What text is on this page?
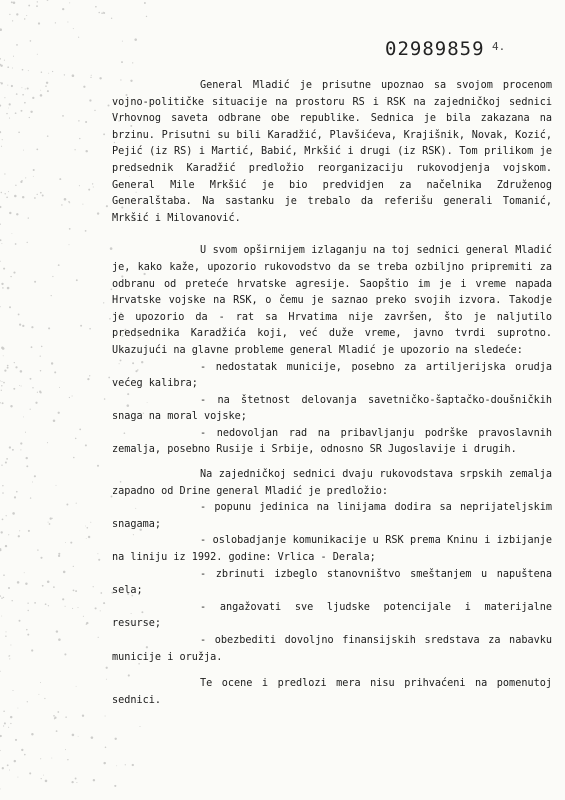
02989859 4.

General Mladić je prisutne upoznao sa svojom procenom vojno-političke situacije na prostoru RS i RSK na zajedničkoj sednici Vrhovnog saveta odbrane obe republike. Sednica je bila zakazana na brzinu. Prisutni su bili Karadžić, Plavšićeva, Krajišnik, Novak, Kozić, Pejić (iz RS) i Martić, Babić, Mrkšić i drugi (iz RSK). Tom prilikom je predsednik Karadžić predložio reorganizaciju rukovodjenja vojskom. General Mile Mrkšić je bio predvidjen za načelnika Združenog Generalštaba. Na sastanku je trebalo da referišu generali Tomanić, Mrkšić i Milovanović.

U svom opširnijem izlaganju na toj sednici general Mladić je, kako kaže, upozorio rukovodstvo da se treba ozbiljno pripremiti za odbranu od preteće hrvatske agresije. Saopštio im je i vreme napada Hrvatske vojske na RSK, o čemu je saznao preko svojih izvora. Takodje je upozorio da - rat sa Hrvatima nije završen, što je naljutilo predsednika Karadžića koji, već duže vreme, javno tvrdi suprotno. Ukazujući na glavne probleme general Mladić je upozorio na sledeće:

- nedostatak municije, posebno za artiljerijska orudja većeg kalibra;
- na štetnost delovanja savetničko-šaptačko-doušničkih snaga na moral vojske;
- nedovoljan rad na pribavljanju podrške pravoslavnih zemalja, posebno Rusije i Srbije, odnosno SR Jugoslavije i drugih.

Na zajedničkoj sednici dvaju rukovodstava srpskih zemalja zapadno od Drine general Mladić je predložio:

- popunu jedinica na linijama dodira sa neprijateljskim snagama;
- oslobadjanje komunikacije u RSK prema Kninu i izbijanje na liniju iz 1992. godine: Vrlica - Derala;
- zbrinuti izbeglo stanovništvo smeštanjem u napuštena sela;
- angažovati sve ljudske potencijale i materijalne resurse;
- obezbediti dovoljno finansijskih sredstava za nabavku municije i oružja.

Te ocene i predlozi mera nisu prihvaćeni na pomenutoj sednici.
